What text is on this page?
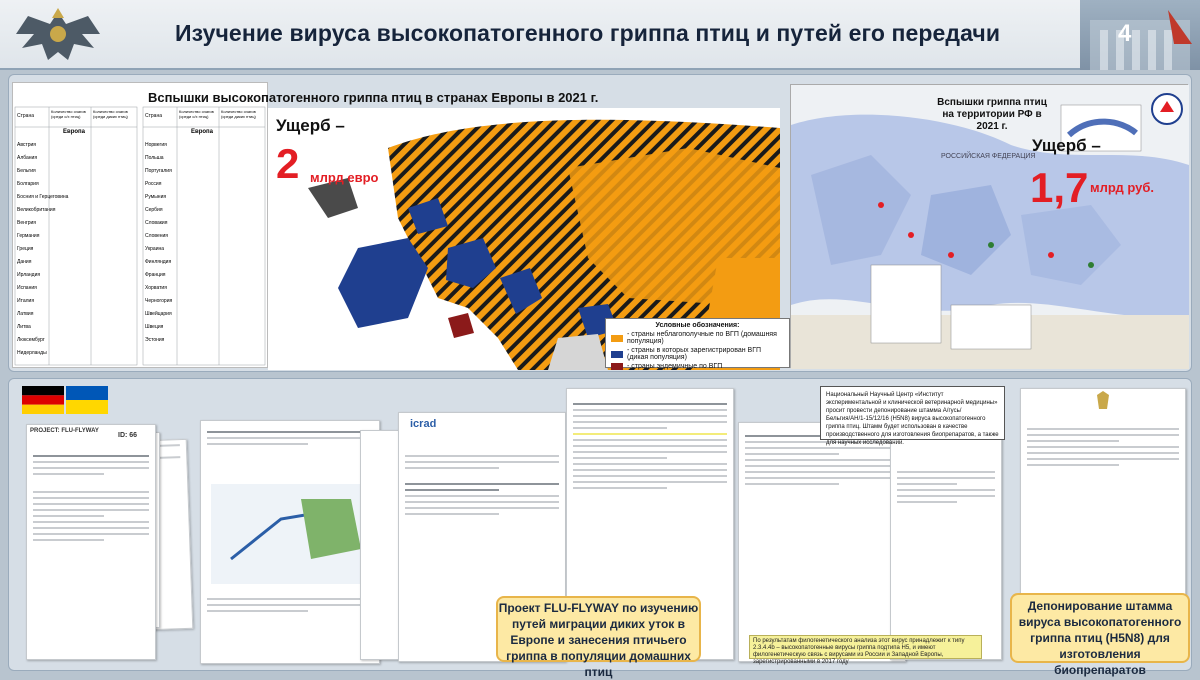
Изучение вируса высокопатогенного гриппа птиц и путей его передачи	4
Европа
Страна
Количество очагов (среди с/х птиц)
Количество очагов (среди диких птиц)	Страна
Количество очагов (среди с/х птиц)
Количество очагов (среди диких птиц)
Европа
Австрия
Албания
Бельгия
Болгария
Босния и Герцеговина
Великобритания
Венгрия
Германия
Греция
Дания
Ирландия
Испания
Италия
Латвия
Литва
Люксембург
Нидерланды
Норвегия
Польша
Португалия
Россия
Румыния
Сербия
Словакия
Словения
Украина
Финляндия
Франция
Хорватия
Черногория
Швейцария
Швеция
Эстония
Вспышки высокопатогенного гриппа птиц в странах Европы в 2021 г.
Ущерб –
2 млрд евро
Условные обозначения:
- страны неблагополучные по ВГП (домашняя популяция)
- страны в которых зарегистрирован ВГП (дикая популяция)
- страны эндемичные по ВГП
РОССИЙСКАЯ ФЕДЕРАЦИЯ
Вспышки гриппа птиц на территории РФ в 2021 г.
Ущерб –
1,7 млрд руб.
PROJECT: FLU-FLYWAY
ID: 66
icrad
Национальный Научный Центр «Институт экспериментальной и клинической ветеринарной медицины» просит провести депонирование штамма A/гусь/Бельгия/AH/1-15/12/16 (H5N8) вируса высокопатогенного гриппа птиц. Штамм будет использован в качестве производственного для изготовления биопрепаратов, а также для научных исследований.
По результатам филогенетического анализа этот вирус принадлежит к типу 2.3.4.4b – высокопатогенные вирусы гриппа подтипа H5, и имеют филогенетическую связь с вирусами из России и Западной Европы, зарегистрированными в 2017 году
Проект FLU-FLYWAY по изучению путей миграции диких уток в Европе и занесения птичьего гриппа в популяции домашних птиц
Депонирование штамма вируса высокопатогенного гриппа птиц (H5N8) для изготовления биопрепаратов
